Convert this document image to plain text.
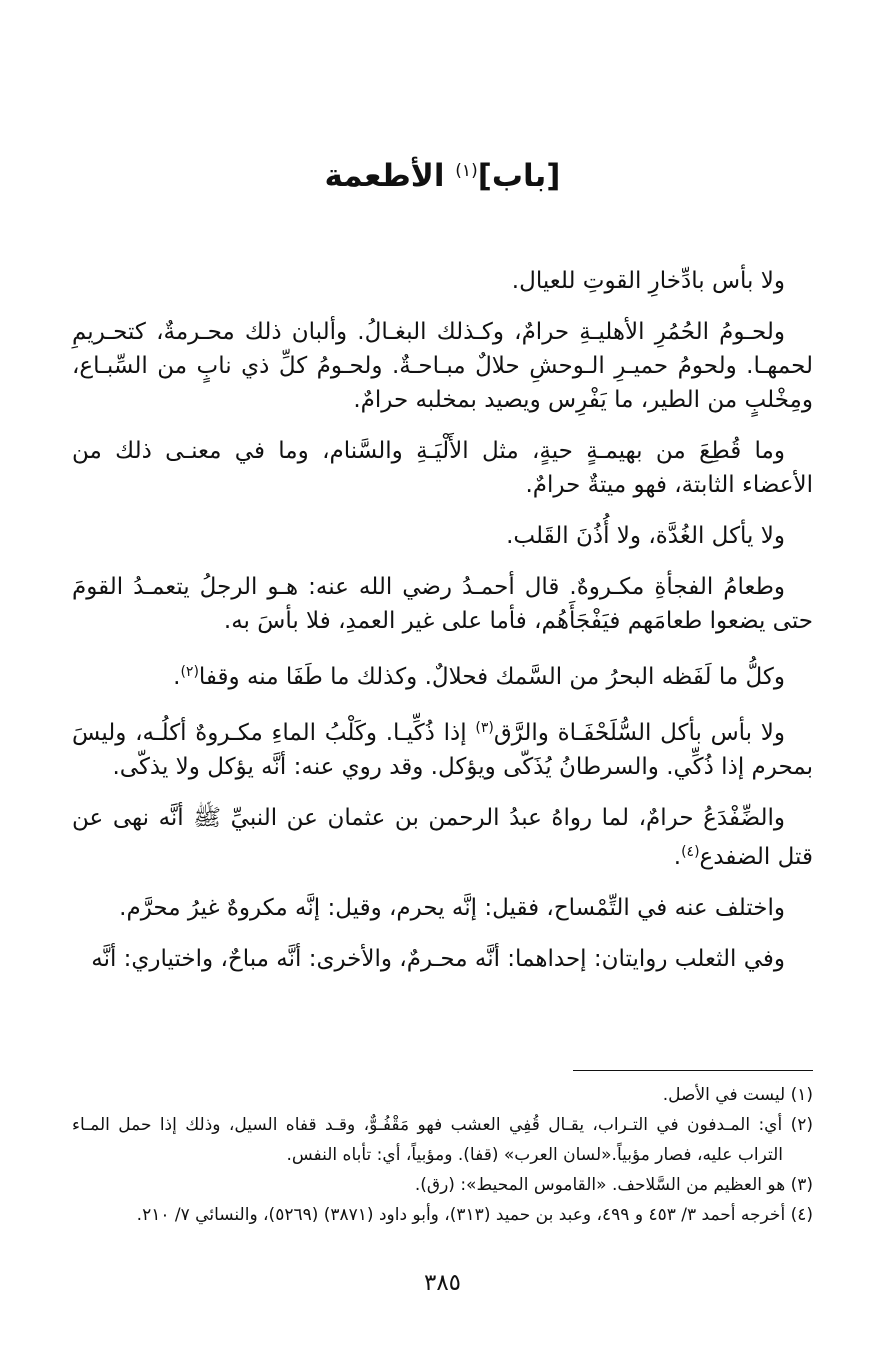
[باب]$^{(١)}$ الأطعمة

ولا بأس بادِّخارِ القوتِ للعيال.

ولحـومُ الحُمُرِ الأهليـةِ حرامٌ، وكـذلك البغـالُ. وألبان ذلك محـرمةٌ، كتحـريمِ لحمهـا. ولحومُ حميـرِ الـوحشِ حلالٌ مبـاحـةٌ. ولحـومُ كلِّ ذي نابٍ من السِّبـاع، ومِخْلبٍ من الطير، ما يَفْرِس ويصيد بمخلبه حرامٌ.

وما قُطِعَ من بهيمـةٍ حيةٍ، مثل الأَلْيَـةِ والسَّنام، وما في معنـى ذلك من الأعضاء الثابتة، فهو ميتةٌ حرامٌ.

ولا يأكل الغُدَّة، ولا أُذُنَ القَلب.

وطعامُ الفجأةِ مكـروهٌ. قال أحمـدُ رضي الله عنه: هـو الرجلُ يتعمـدُ القومَ حتى يضعوا طعامَهم فيَفْجَأَهُم، فأما على غير العمدِ، فلا بأسَ به.

وكلُّ ما لَفَظه البحرُ من السَّمك فحلالٌ. وكذلك ما طَفَا منه وقفا$^{(٢)}$.

ولا بأس بأكل السُّلَحْفَـاة والرَّق$^{(٣)}$ إذا ذُكِّيـا. وكَلْبُ الماءِ مكـروهٌ أكلُـه، وليسَ بمحرم إذا ذُكِّي. والسرطانُ يُذَكّى ويؤكل. وقد روي عنه: أنَّه يؤكل ولا يذكّى.

والضِّفْدَعُ حرامٌ، لما رواهُ عبدُ الرحمن بن عثمان عن النبيِّ ﷺ أنَّه نهى عن قتل الضفدع$^{(٤)}$.

واختلف عنه في التِّمْساح، فقيل: إنَّه يحرم، وقيل: إنَّه مكروهٌ غيرُ محرَّم.

وفي الثعلب روايتان: إحداهما: أنَّه محـرمٌ، والأخرى: أنَّه مباحٌ، واختياري: أنَّه

(١) ليست في الأصل.

(٢) أي: المـدفون في التـراب، يقـال قُفِي العشب فهو مَقْفُـوٌّ، وقـد قفاه السيل، وذلك إذا حمل المـاء التراب عليه، فصار مؤبياً.«لسان العرب» (قفا). ومؤبياً، أي: تأباه النفس.

(٣) هو العظيم من السَّلاحف. «القاموس المحيط»: (رق).

(٤) أخرجه أحمد ٣/ ٤٥٣ و ٤٩٩، وعبد بن حميد (٣١٣)، وأبو داود (٣٨٧١) (٥٢٦٩)، والنسائي ٧/ ٢١٠.

٣٨٥
